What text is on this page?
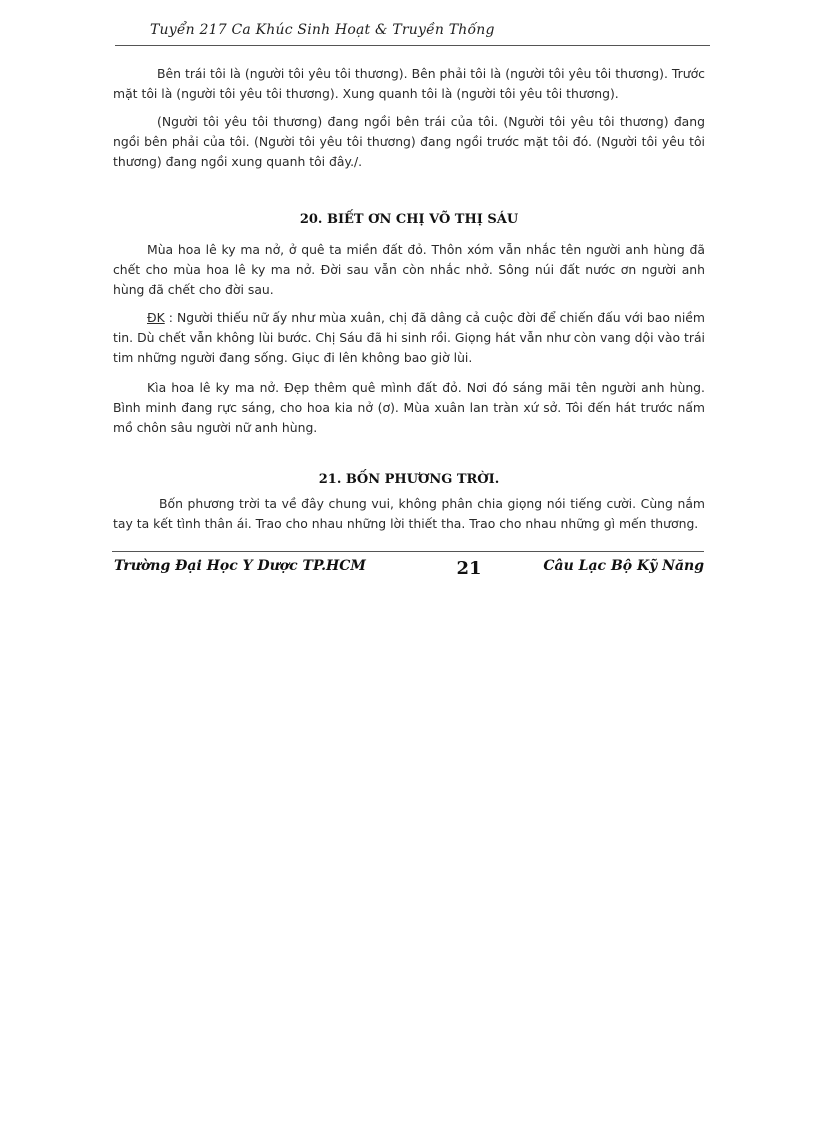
Tuyển 217 Ca Khúc Sinh Hoạt & Truyền Thống
Bên trái tôi là (người tôi yêu tôi thương). Bên phải tôi là (người tôi yêu tôi thương). Trước mặt tôi là (người tôi yêu tôi thương). Xung quanh tôi là (người tôi yêu tôi thương).
(Người tôi yêu tôi thương) đang ngồi bên trái của tôi. (Người tôi yêu tôi thương) đang ngồi bên phải của tôi. (Người tôi yêu tôi thương) đang ngồi trước mặt tôi đó. (Người tôi yêu tôi thương) đang ngồi xung quanh tôi đây./.
20. BIẾT ƠN CHỊ VÕ THỊ SÁU
Mùa hoa lê ky ma nở, ở quê ta miền đất đỏ. Thôn xóm vẫn nhắc tên người anh hùng đã chết cho mùa hoa lê ky ma nở. Đời sau vẫn còn nhắc nhở. Sông núi đất nước ơn người anh hùng đã chết cho đời sau.
ĐK : Người thiếu nữ ấy như mùa xuân, chị đã dâng cả cuộc đời để chiến đấu với bao niềm tin. Dù chết vẫn không lùi bước. Chị Sáu đã hi sinh rồi. Giọng hát vẫn như còn vang dội vào trái tim những người đang sống. Giục đi lên không bao giờ lùi.
Kìa hoa lê ky ma nở. Đẹp thêm quê mình đất đỏ. Nơi đó sáng mãi tên người anh hùng. Bình minh đang rực sáng, cho hoa kia nở (ơ). Mùa xuân lan tràn xứ sở. Tôi đến hát trước nấm mồ chôn sâu người nữ anh hùng.
21. BỐN PHƯƠNG TRỜI.
Bốn phương trời ta về đây chung vui, không phân chia giọng nói tiếng cười. Cùng nắm tay ta kết tình thân ái. Trao cho nhau những lời thiết tha. Trao cho nhau những gì mến thương.
Trường Đại Học Y Dược TP.HCM	21	Câu Lạc Bộ Kỹ Năng
